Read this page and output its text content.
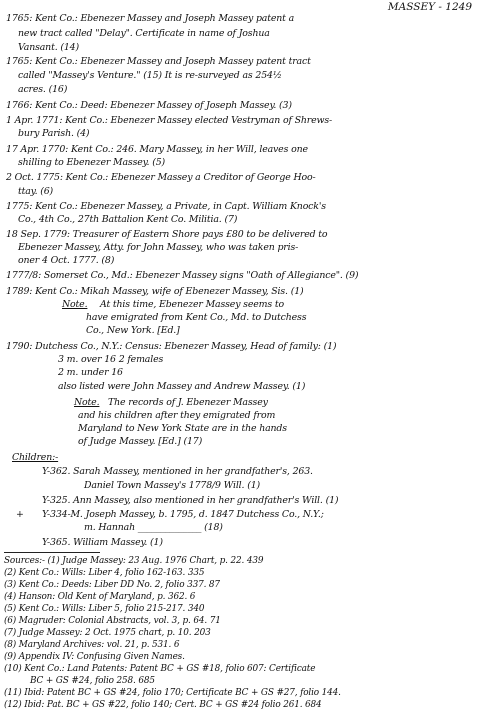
MASSEY - 1249
1765: Kent Co.: Ebenezer Massey and Joseph Massey patent a
new tract called "Delay". Certificate in name of Joshua
Vansant. (14)
1765: Kent Co.: Ebenezer Massey and Joseph Massey patent tract
called "Massey's Venture." (15) It is re-surveyed as 254½
acres. (16)
1766: Kent Co.: Deed: Ebenezer Massey of Joseph Massey. (3)
1 Apr. 1771: Kent Co.: Ebenezer Massey elected Vestryman of Shrews-
bury Parish. (4)
17 Apr. 1770: Kent Co.: 246. Mary Massey, in her Will, leaves one
shilling to Ebenezer Massey. (5)
2 Oct. 1775: Kent Co.: Ebenezer Massey a Creditor of George Hoo-
ttay. (6)
1775: Kent Co.: Ebenezer Massey, a Private, in Capt. William Knock's
Co., 4th Co., 27th Battalion Kent Co. Militia. (7)
18 Sep. 1779: Treasurer of Eastern Shore pays £80 to be delivered to
Ebenezer Massey, Atty. for John Massey, who was taken pris-
oner 4 Oct. 1777. (8)
1777/8: Somerset Co., Md.: Ebenezer Massey signs "Oath of Allegiance". (9)
1789: Kent Co.: Mikah Massey, wife of Ebenezer Massey, Sis. (1)
Note. At this time, Ebenezer Massey seems to
have emigrated from Kent Co., Md. to Dutchess
Co., New York. [Ed.]
1790: Dutchess Co., N.Y.: Census: Ebenezer Massey, Head of family: (1)
3 m. over 16 2 females
2 m. under 16
also listed were John Massey and Andrew Massey. (1)
Note. The records of J. Ebenezer Massey
and his children after they emigrated from
Maryland to New York State are in the hands
of Judge Massey. [Ed.] (17)
Children:-
Y-362. Sarah Massey, mentioned in her grandfather's, 263.
Daniel Town Massey's 1778/9 Will. (1)
Y-325. Ann Massey, also mentioned in her grandfather's Will. (1)
+ Y-334-M. Joseph Massey, b. 1795, d. 1847 Dutchess Co., N.Y.;
m. Hannah ______________ (18)
Y-365. William Massey. (1)
Sources:- (1) Judge Massey: 23 Aug. 1976 Chart, p. 22. 439
(2) Kent Co.: Wills: Liber 4, folio 162-163. 335
(3) Kent Co.: Deeds: Liber DD No. 2, folio 337. 87
(4) Hanson: Old Kent of Maryland, p. 362. 6
(5) Kent Co.: Wills: Liber 5, folio 215-217. 340
(6) Magruder: Colonial Abstracts, vol. 3, p. 64. 71
(7) Judge Massey: 2 Oct. 1975 chart, p. 10. 203
(8) Maryland Archives: vol. 21, p. 531. 6
(9) Appendix IV: Confusing Given Names.
(10) Kent Co.: Land Patents: Patent BC + GS #18, folio 607: Certificate
BC + GS #24, folio 258. 685
(11) Ibid: Patent BC + GS #24, folio 170; Certificate BC + GS #27, folio 144.
(12) Ibid: Pat. BC + GS #22, folio 140; Cert. BC + GS #24 folio 261. 684
